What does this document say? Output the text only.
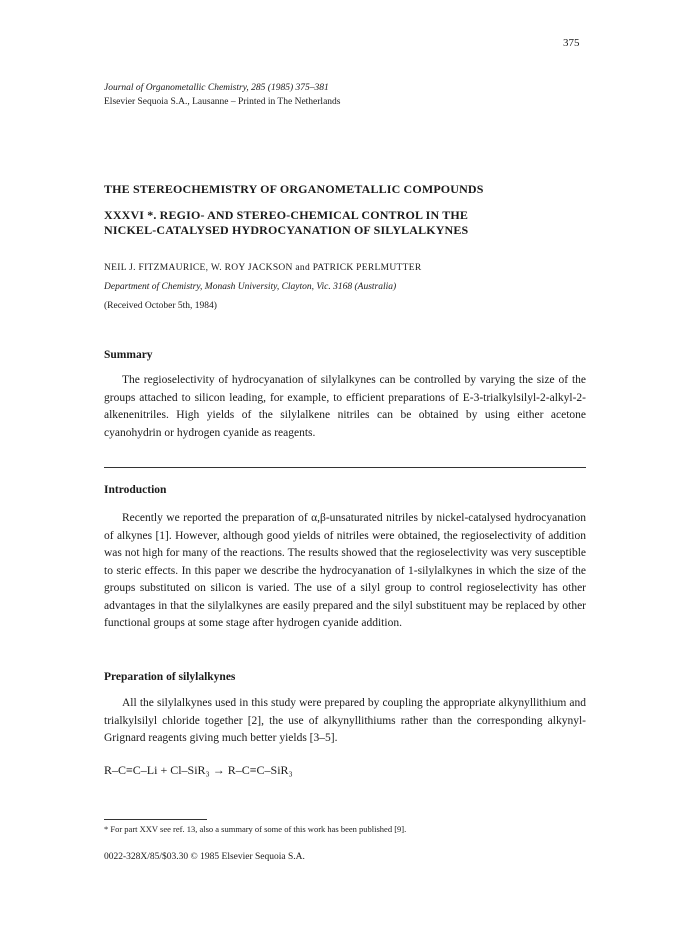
375
Journal of Organometallic Chemistry, 285 (1985) 375–381
Elsevier Sequoia S.A., Lausanne – Printed in The Netherlands
THE STEREOCHEMISTRY OF ORGANOMETALLIC COMPOUNDS
XXXVI *. REGIO- AND STEREO-CHEMICAL CONTROL IN THE
NICKEL-CATALYSED HYDROCYANATION OF SILYLALKYNES
NEIL J. FITZMAURICE, W. ROY JACKSON and PATRICK PERLMUTTER
Department of Chemistry, Monash University, Clayton, Vic. 3168 (Australia)
(Received October 5th, 1984)
Summary

The regioselectivity of hydrocyanation of silylalkynes can be controlled by varying the size of the groups attached to silicon leading, for example, to efficient preparations of E-3-trialkylsilyl-2-alkyl-2-alkenenitriles. High yields of the silylalkene nitriles can be obtained by using either acetone cyanohydrin or hydrogen cyanide as reagents.

Introduction

Recently we reported the preparation of α,β-unsaturated nitriles by nickel-catalysed hydrocyanation of alkynes [1]. However, although good yields of nitriles were obtained, the regioselectivity of addition was not high for many of the reactions. The results showed that the regioselectivity was very susceptible to steric effects. In this paper we describe the hydrocyanation of 1-silylalkynes in which the size of the groups substituted on silicon is varied. The use of a silyl group to control regioselectivity has other advantages in that the silylalkynes are easily prepared and the silyl substituent may be replaced by other functional groups at some stage after hydrogen cyanide addition.

Preparation of silylalkynes

All the silylalkynes used in this study were prepared by coupling the appropriate alkynyllithium and trialkylsilyl chloride together [2], the use of alkynyllithiums rather than the corresponding alkynyl-Grignard reagents giving much better yields [3–5].

R–C≡C–Li + Cl–SiR₃ → R–C≡C–SiR₃
* For part XXV see ref. 13, also a summary of some of this work has been published [9].
0022-328X/85/$03.30 © 1985 Elsevier Sequoia S.A.
